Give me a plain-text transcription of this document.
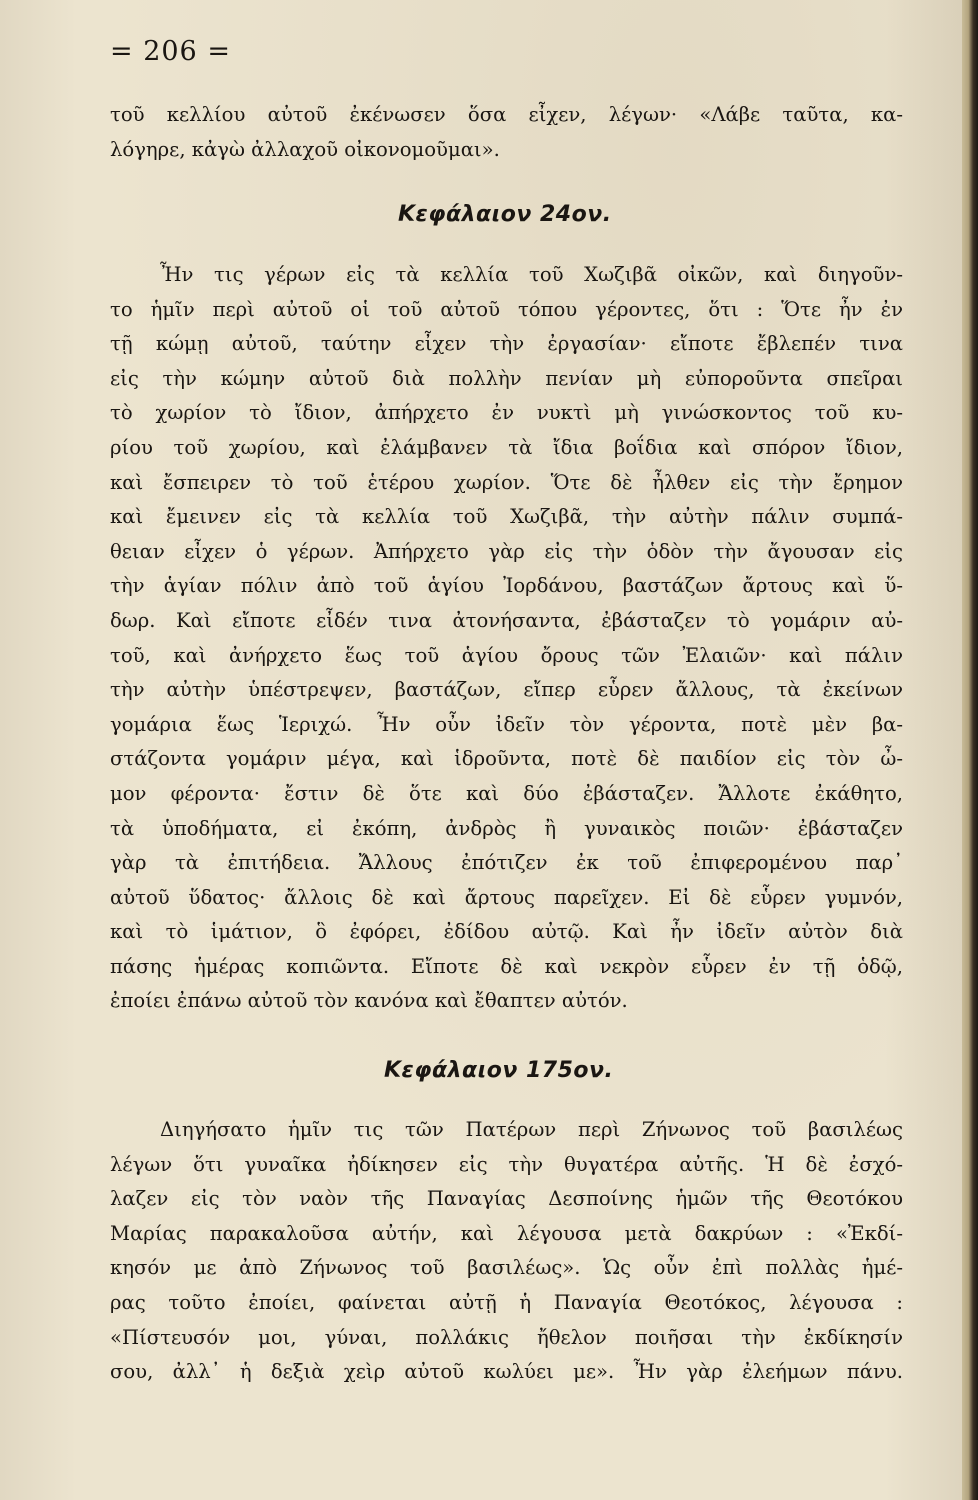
= 206 =
τοῦ κελλίου αὐτοῦ ἐκένωσεν ὅσα εἶχεν, λέγων· «Λάβε ταῦτα, κα-
λόγηρε, κἀγὼ ἀλλαχοῦ οἰκονομοῦμαι».
Κεφάλαιον 24ον.
Ἦν τις γέρων εἰς τὰ κελλία τοῦ Χωζιβᾶ οἰκῶν, καὶ διηγοῦν-
το ἡμῖν περὶ αὐτοῦ οἱ τοῦ αὐτοῦ τόπου γέροντες, ὅτι : Ὅτε ἦν ἐν
τῇ κώμῃ αὐτοῦ, ταύτην εἶχεν τὴν ἐργασίαν· εἴποτε ἔβλεπέν τινα
εἰς τὴν κώμην αὐτοῦ διὰ πολλὴν πενίαν μὴ εὐποροῦντα σπεῖραι
τὸ χωρίον τὸ ἴδιον, ἀπήρχετο ἐν νυκτὶ μὴ γινώσκοντος τοῦ κυ-
ρίου τοῦ χωρίου, καὶ ἐλάμβανεν τὰ ἴδια βοΐδια καὶ σπόρον ἴδιον,
καὶ ἔσπειρεν τὸ τοῦ ἑτέρου χωρίον. Ὅτε δὲ ἦλθεν εἰς τὴν ἔρημον
καὶ ἔμεινεν εἰς τὰ κελλία τοῦ Χωζιβᾶ, τὴν αὐτὴν πάλιν συμπά-
θειαν εἶχεν ὁ γέρων. Ἀπήρχετο γὰρ εἰς τὴν ὁδὸν τὴν ἄγουσαν εἰς
τὴν ἁγίαν πόλιν ἀπὸ τοῦ ἁγίου Ἰορδάνου, βαστάζων ἄρτους καὶ ὕ-
δωρ. Καὶ εἴποτε εἶδέν τινα ἀτονήσαντα, ἐβάσταζεν τὸ γομάριν αὐ-
τοῦ, καὶ ἀνήρχετο ἕως τοῦ ἁγίου ὄρους τῶν Ἐλαιῶν· καὶ πάλιν
τὴν αὐτὴν ὑπέστρεψεν, βαστάζων, εἴπερ εὗρεν ἄλλους, τὰ ἐκείνων
γομάρια ἕως Ἱεριχώ. Ἦν οὖν ἰδεῖν τὸν γέροντα, ποτὲ μὲν βα-
στάζοντα γομάριν μέγα, καὶ ἱδροῦντα, ποτὲ δὲ παιδίον εἰς τὸν ὦ-
μον φέροντα· ἔστιν δὲ ὅτε καὶ δύο ἐβάσταζεν. Ἄλλοτε ἐκάθητο,
τὰ ὑποδήματα, εἰ ἐκόπη, ἀνδρὸς ἢ γυναικὸς ποιῶν· ἐβάσταζεν
γὰρ τὰ ἐπιτήδεια. Ἄλλους ἐπότιζεν ἐκ τοῦ ἐπιφερομένου παρ᾽
αὐτοῦ ὕδατος· ἄλλοις δὲ καὶ ἄρτους παρεῖχεν. Εἰ δὲ εὗρεν γυμνόν,
καὶ τὸ ἱμάτιον, ὃ ἐφόρει, ἐδίδου αὐτῷ. Καὶ ἦν ἰδεῖν αὐτὸν διὰ
πάσης ἡμέρας κοπιῶντα. Εἴποτε δὲ καὶ νεκρὸν εὗρεν ἐν τῇ ὁδῷ,
ἐποίει ἐπάνω αὐτοῦ τὸν κανόνα καὶ ἔθαπτεν αὐτόν.
Κεφάλαιον 175ον.
Διηγήσατο ἡμῖν τις τῶν Πατέρων περὶ Ζήνωνος τοῦ βασιλέως
λέγων ὅτι γυναῖκα ἠδίκησεν εἰς τὴν θυγατέρα αὐτῆς. Ἡ δὲ ἐσχό-
λαζεν εἰς τὸν ναὸν τῆς Παναγίας Δεσποίνης ἡμῶν τῆς Θεοτόκου
Μαρίας παρακαλοῦσα αὐτήν, καὶ λέγουσα μετὰ δακρύων : «Ἐκδί-
κησόν με ἀπὸ Ζήνωνος τοῦ βασιλέως». Ὡς οὖν ἐπὶ πολλὰς ἡμέ-
ρας τοῦτο ἐποίει, φαίνεται αὐτῇ ἡ Παναγία Θεοτόκος, λέγουσα :
«Πίστευσόν μοι, γύναι, πολλάκις ἤθελον ποιῆσαι τὴν ἐκδίκησίν
σου, ἀλλ᾽ ἡ δεξιὰ χεὶρ αὐτοῦ κωλύει με». Ἦν γὰρ ἐλεήμων πάνυ.
